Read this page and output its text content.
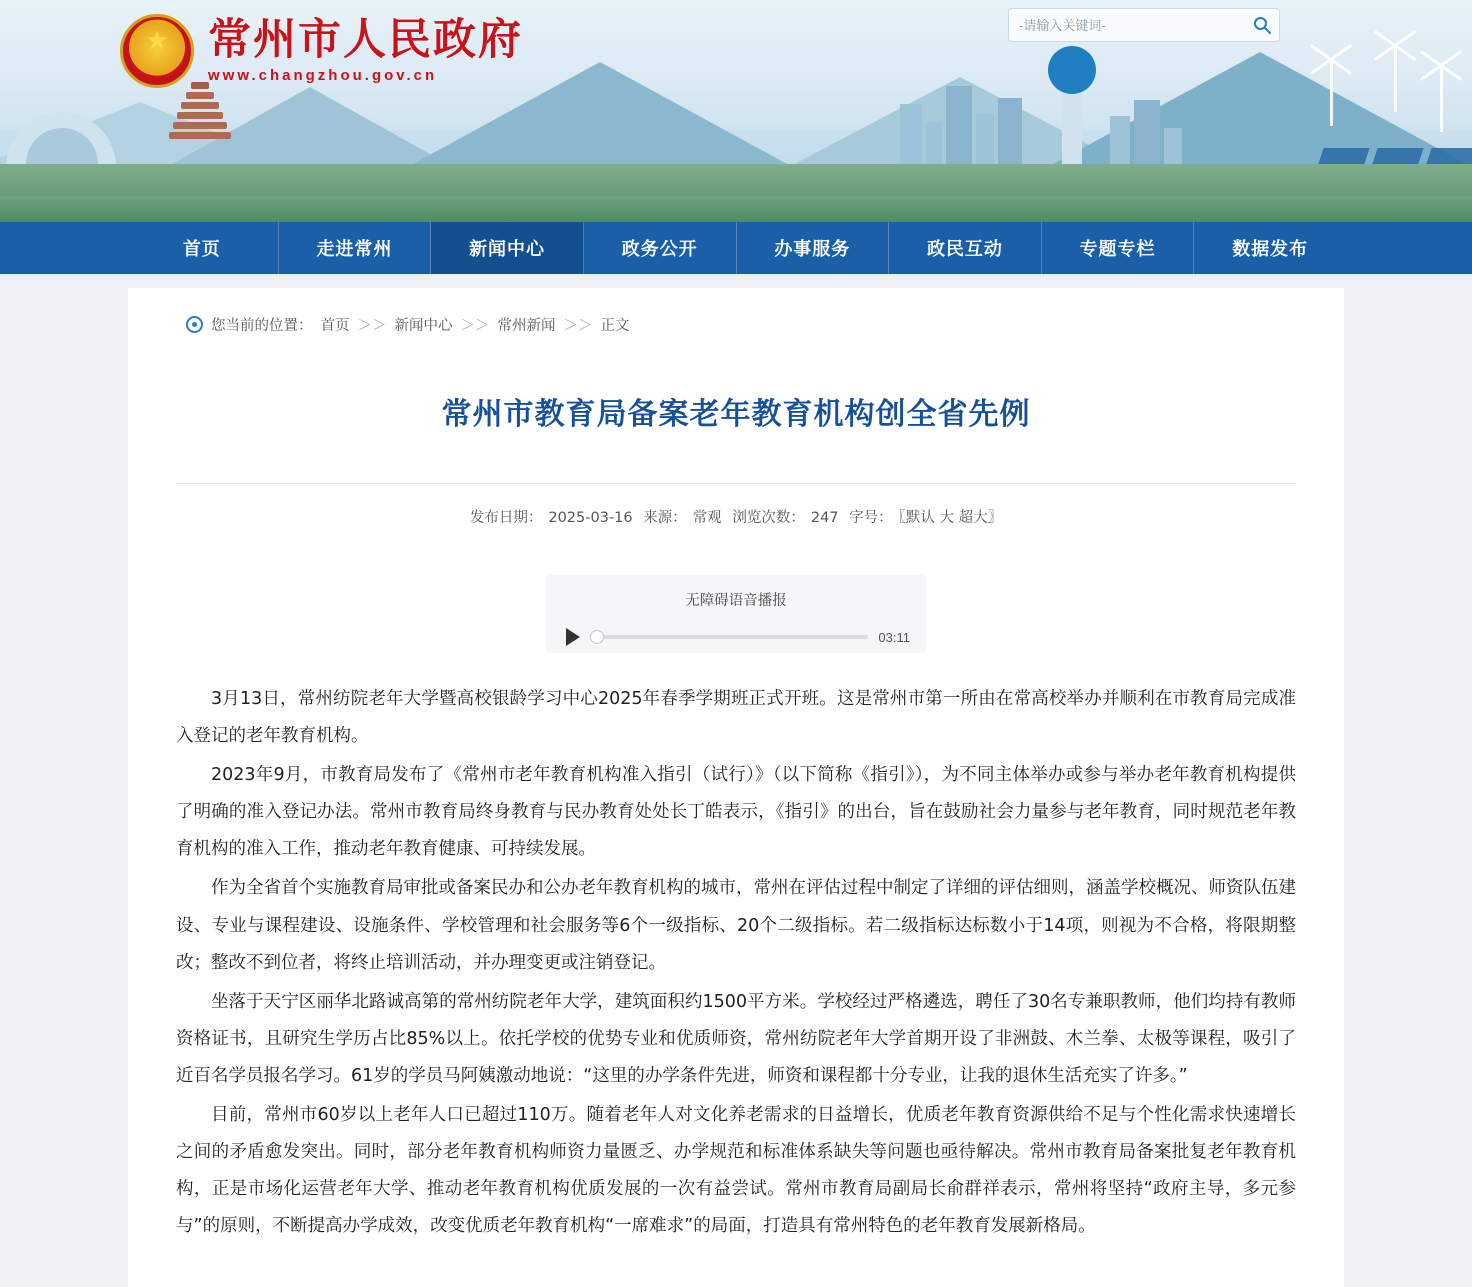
★
常州市人民政府
www.changzhou.gov.cn
-请输入关键词-
首页	走进常州	新闻中心	政务公开	办事服务	政民互动	专题专栏	数据发布
您当前的位置： 首页 ＞＞ 新闻中心 ＞＞ 常州新闻 ＞＞ 正文
常州市教育局备案老年教育机构创全省先例
发布日期： 2025-03-16 来源： 常观 浏览次数： 247 字号： 〖默认 大 超大〗
无障碍语音播报
03:11

3月13日，常州纺院老年大学暨高校银龄学习中心2025年春季学期班正式开班。这是常州市第一所由在常高校举办并顺利在市教育局完成准入登记的老年教育机构。

2023年9月，市教育局发布了《常州市老年教育机构准入指引（试行）》（以下简称《指引》），为不同主体举办或参与举办老年教育机构提供了明确的准入登记办法。常州市教育局终身教育与民办教育处处长丁皓表示，《指引》的出台，旨在鼓励社会力量参与老年教育，同时规范老年教育机构的准入工作，推动老年教育健康、可持续发展。

作为全省首个实施教育局审批或备案民办和公办老年教育机构的城市，常州在评估过程中制定了详细的评估细则，涵盖学校概况、师资队伍建设、专业与课程建设、设施条件、学校管理和社会服务等6个一级指标、20个二级指标。若二级指标达标数小于14项，则视为不合格，将限期整改；整改不到位者，将终止培训活动，并办理变更或注销登记。

坐落于天宁区丽华北路诚高第的常州纺院老年大学，建筑面积约1500平方米。学校经过严格遴选，聘任了30名专兼职教师，他们均持有教师资格证书，且研究生学历占比85%以上。依托学校的优势专业和优质师资，常州纺院老年大学首期开设了非洲鼓、木兰拳、太极等课程，吸引了近百名学员报名学习。61岁的学员马阿姨激动地说：“这里的办学条件先进，师资和课程都十分专业，让我的退休生活充实了许多。”

目前，常州市60岁以上老年人口已超过110万。随着老年人对文化养老需求的日益增长，优质老年教育资源供给不足与个性化需求快速增长之间的矛盾愈发突出。同时，部分老年教育机构师资力量匮乏、办学规范和标准体系缺失等问题也亟待解决。常州市教育局备案批复老年教育机构，正是市场化运营老年大学、推动老年教育机构优质发展的一次有益尝试。常州市教育局副局长俞群祥表示，常州将坚持“政府主导，多元参与”的原则，不断提高办学成效，改变优质老年教育机构“一席难求”的局面，打造具有常州特色的老年教育发展新格局。
